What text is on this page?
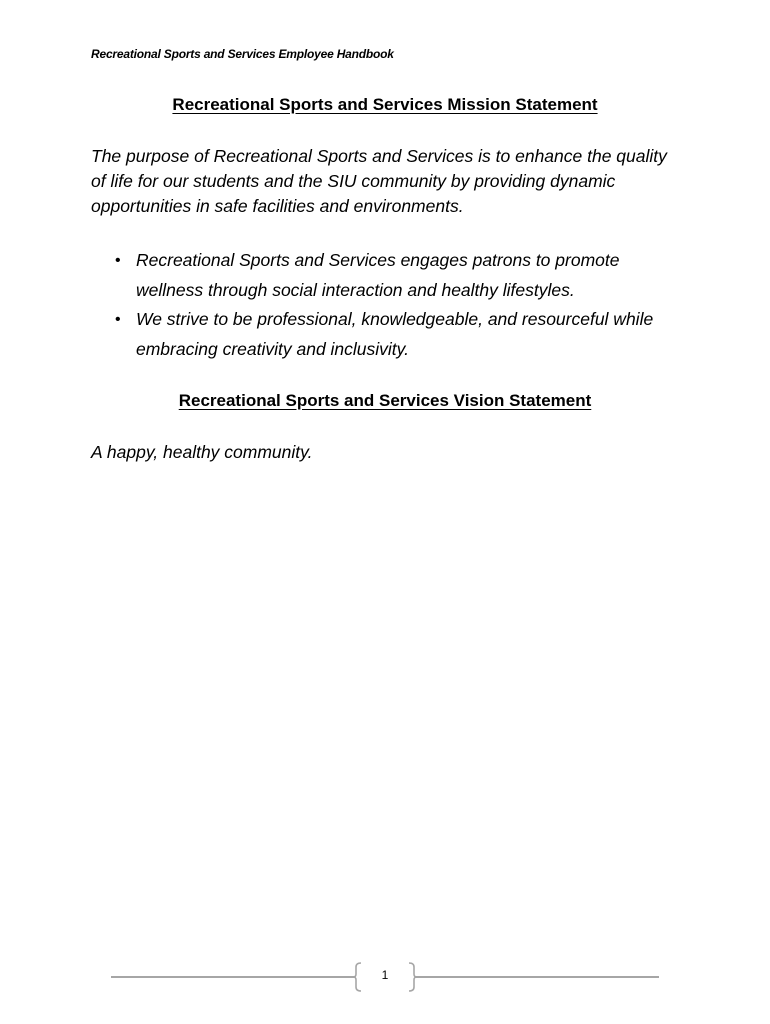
Recreational Sports and Services Employee Handbook
Recreational Sports and Services Mission Statement
The purpose of Recreational Sports and Services is to enhance the quality of life for our students and the SIU community by providing dynamic opportunities in safe facilities and environments.
• Recreational Sports and Services engages patrons to promote wellness through social interaction and healthy lifestyles.
• We strive to be professional, knowledgeable, and resourceful while embracing creativity and inclusivity.
Recreational Sports and Services Vision Statement
A happy, healthy community.
1
